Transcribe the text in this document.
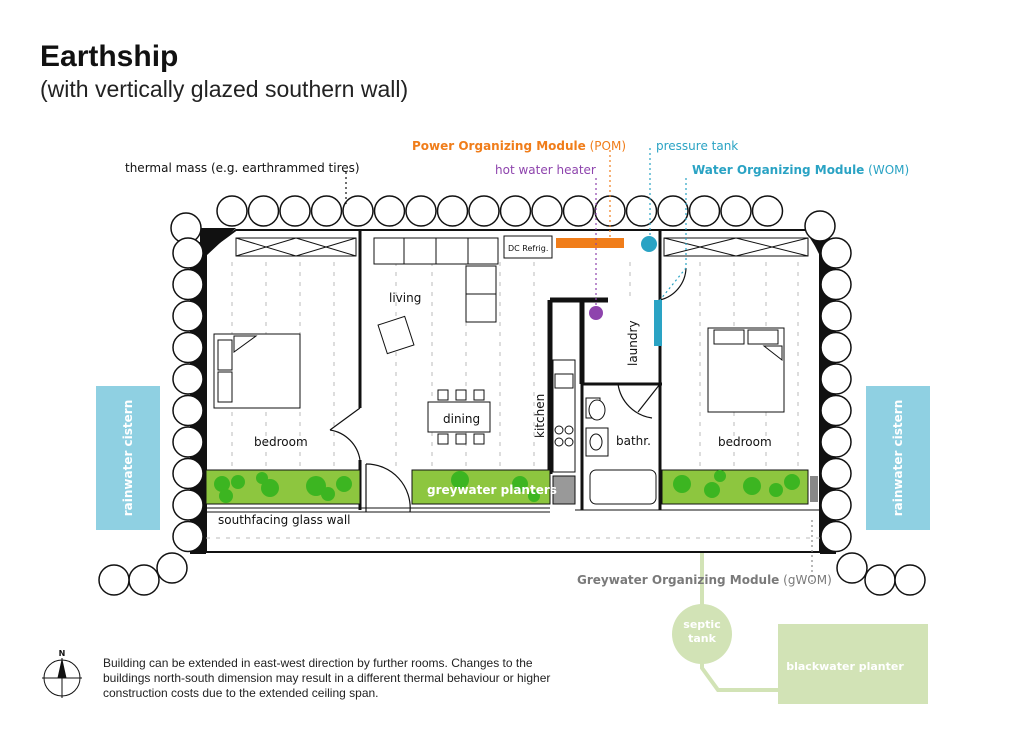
thermal mass (e.g. earthrammed tires)
Power Organizing Module (POM)
hot water heater
pressure tank
Water Organizing Module (WOM)
DC Refrig.
living
dining	kitchen
laundry
bathr.
bedroom	bedroom
rainwater cistern	rainwater cistern
greywater planters
southfacing glass wall
Greywater Organizing Module (gWOM)
septic
tank
blackwater planter
N
Earthship
(with vertically glazed southern wall)
Building can be extended in east-west direction by further rooms. Changes to the buildings north-south dimension may result in a different thermal behaviour or higher construction costs due to the extended ceiling span.
